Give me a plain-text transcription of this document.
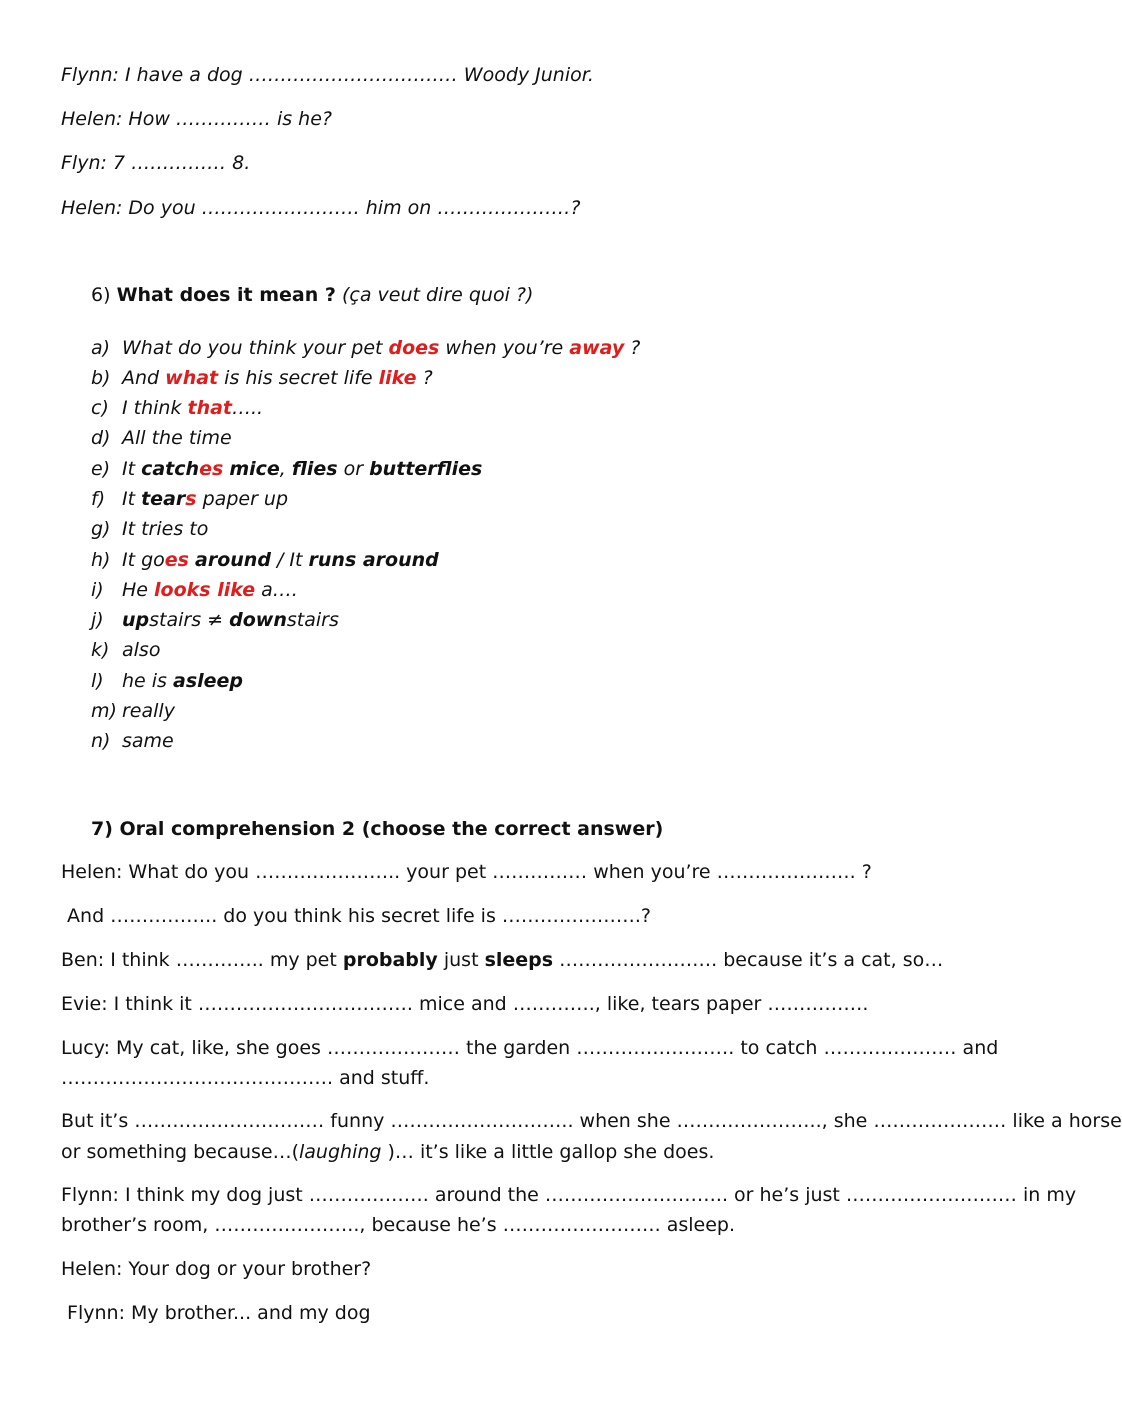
Flynn: I have a dog …………………………… Woody Junior.
Helen: How …………… is he?
Flyn: 7 …………… 8.
Helen: Do you ……………………. him on …………………?
6) What does it mean ? (ça veut dire quoi ?)
a) What do you think your pet does when you’re away ?
b) And what is his secret life like ?
c) I think that…..
d) All the time
e) It catches mice, flies or butterflies
f) It tears paper up
g) It tries to
h) It goes around / It runs around
i) He looks like a….
j) upstairs ≠ downstairs
k) also
l) he is asleep
m) really
n) same
7) Oral comprehension 2 (choose the correct answer)
Helen: What do you ………………….. your pet …………… when you’re …………………. ?
And …………….. do you think his secret life is ………………….?
Ben: I think ………….. my pet probably just sleeps ……………………. because it’s a cat, so…
Evie: I think it ……………………………. mice and …………., like, tears paper …………….
Lucy: My cat, like, she goes ………………… the garden ……………………. to catch ………………… and
……………………………………. and stuff.
But it’s ………………………… funny ……………………….. when she ………………….., she ………………… like a horse
or something because…(laughing )… it’s like a little gallop she does.
Flynn: I think my dog just ………………. around the ……………………….. or he’s just ……………………… in my
brother’s room, ………………….., because he’s ……………………. asleep.
Helen: Your dog or your brother?
Flynn: My brother... and my dog
